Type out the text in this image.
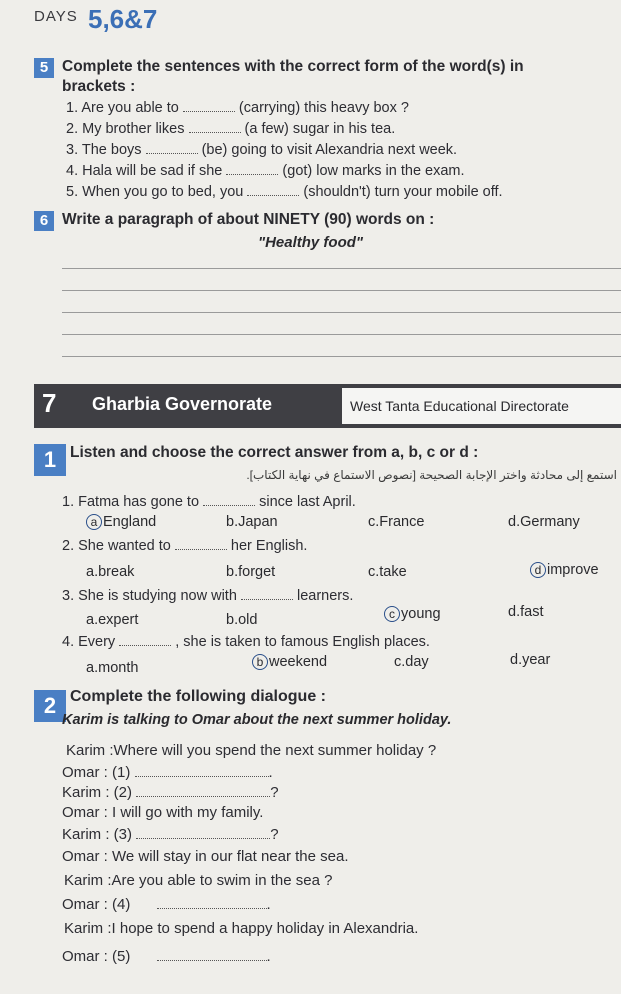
DAYS 5,6&7
5 Complete the sentences with the correct form of the word(s) in
brackets :
1. Are you able to	(carrying) this heavy box ?
2. My brother likes	(a few) sugar in his tea.
3. The boys	(be) going to visit Alexandria next week.
4. Hala will be sad if she	(got) low marks in the exam.
5. When you go to bed, you	(shouldn't) turn your mobile off.
6 Write a paragraph of about NINETY (90) words on :
"Healthy food"
7 Gharbia Governorate	West Tanta Educational Directorate
1 Listen and choose the correct answer from a, b, c or d :
استمع إلى محادثة واختر الإجابة الصحيحة [نصوص الاستماع في نهاية الكتاب].
1. Fatma has gone to	since last April.
a England	b.Japan	c.France	d.Germany
2. She wanted to	her English.
a.break	b.forget	c.take	d improve
3. She is studying now with	learners.
a.expert	b.old	c young	d.fast
4. Every	, she is taken to famous English places.
a.month	b weekend	c.day	d.year
2 Complete the following dialogue :
Karim is talking to Omar about the next summer holiday.
Karim :Where will you spend the next summer holiday ?
Omar : (1)	.
Karim : (2)	?
Omar : I will go with my family.
Karim : (3)	?
Omar : We will stay in our flat near the sea.
Karim :Are you able to swim in the sea ?
Omar : (4)	.
Karim :I hope to spend a happy holiday in Alexandria.
Omar : (5)	.
